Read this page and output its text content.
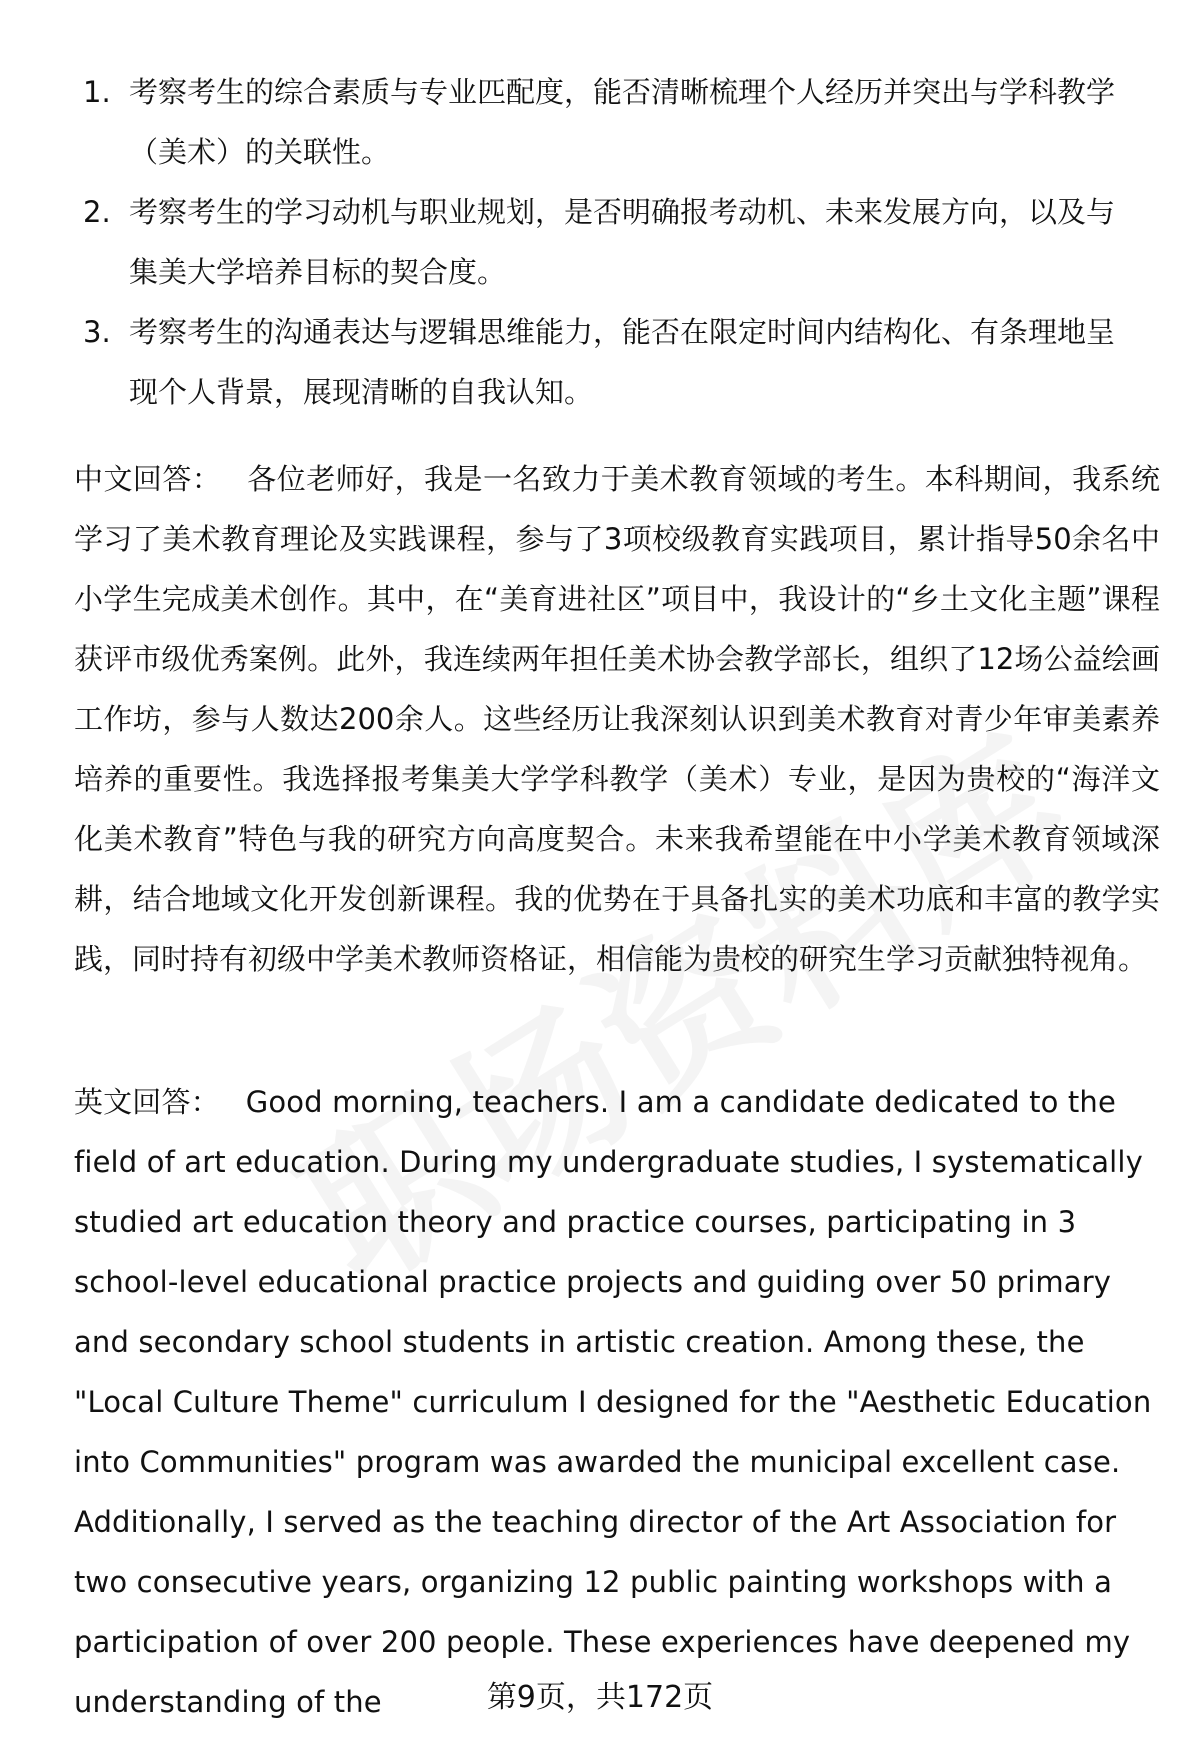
1. 考察考生的综合素质与专业匹配度，能否清晰梳理个人经历并突出与学科教学（美术）的关联性。
2. 考察考生的学习动机与职业规划，是否明确报考动机、未来发展方向，以及与集美大学培养目标的契合度。
3. 考察考生的沟通表达与逻辑思维能力，能否在限定时间内结构化、有条理地呈现个人背景，展现清晰的自我认知。

中文回答： 各位老师好，我是一名致力于美术教育领域的考生。本科期间，我系统学习了美术教育理论及实践课程，参与了3项校级教育实践项目，累计指导50余名中小学生完成美术创作。其中，在“美育进社区”项目中，我设计的“乡土文化主题”课程获评市级优秀案例。此外，我连续两年担任美术协会教学部长，组织了12场公益绘画工作坊，参与人数达200余人。这些经历让我深刻认识到美术教育对青少年审美素养培养的重要性。我选择报考集美大学学科教学（美术）专业，是因为贵校的“海洋文化美术教育”特色与我的研究方向高度契合。未来我希望能在中小学美术教育领域深耕，结合地域文化开发创新课程。我的优势在于具备扎实的美术功底和丰富的教学实践，同时持有初级中学美术教师资格证，相信能为贵校的研究生学习贡献独特视角。

英文回答： Good morning, teachers. I am a candidate dedicated to the field of art education. During my undergraduate studies, I systematically studied art education theory and practice courses, participating in 3 school-level educational practice projects and guiding over 50 primary and secondary school students in artistic creation. Among these, the "Local Culture Theme" curriculum I designed for the "Aesthetic Education into Communities" program was awarded the municipal excellent case. Additionally, I served as the teaching director of the Art Association for two consecutive years, organizing 12 public painting workshops with a participation of over 200 people. These experiences have deepened my understanding of the	第9页，共172页
